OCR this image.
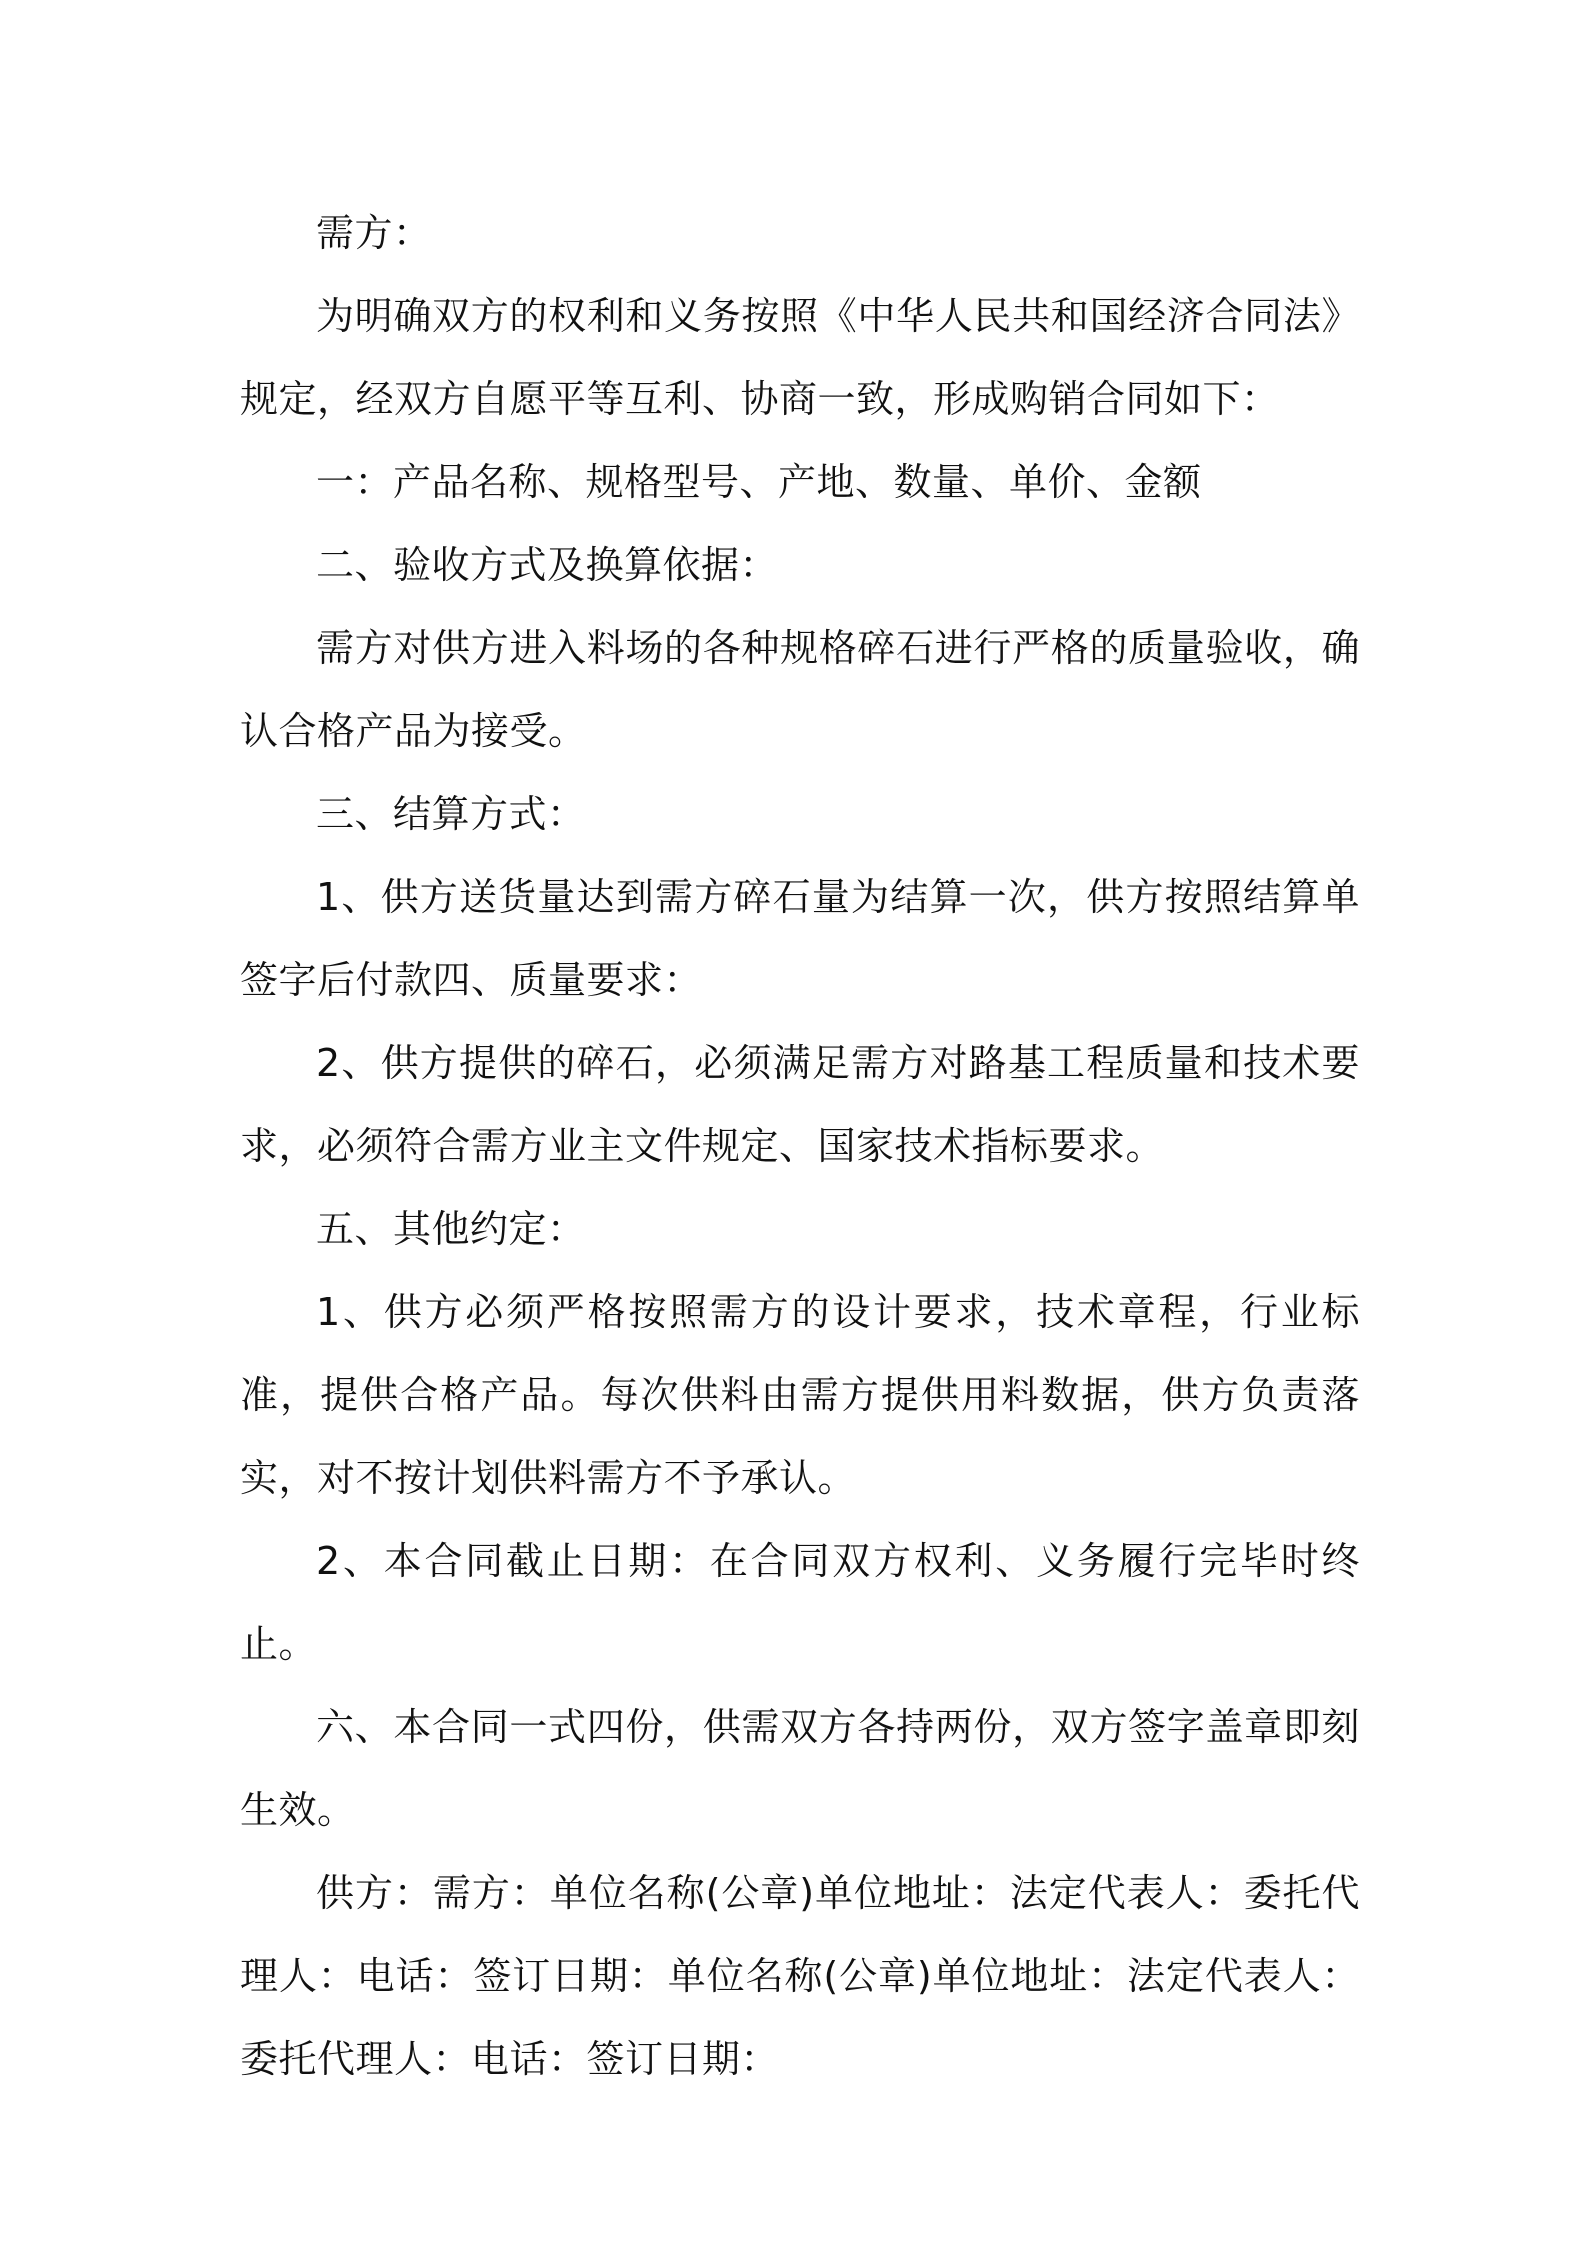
需方：

为明确双方的权利和义务按照《中华人民共和国经济合同法》规定，经双方自愿平等互利、协商一致，形成购销合同如下：

一：产品名称、规格型号、产地、数量、单价、金额

二、验收方式及换算依据：

需方对供方进入料场的各种规格碎石进行严格的质量验收，确认合格产品为接受。

三、结算方式：

1、供方送货量达到需方碎石量为结算一次，供方按照结算单签字后付款四、质量要求：

2、供方提供的碎石，必须满足需方对路基工程质量和技术要求，必须符合需方业主文件规定、国家技术指标要求。

五、其他约定：

1、供方必须严格按照需方的设计要求，技术章程，行业标准，提供合格产品。每次供料由需方提供用料数据，供方负责落实，对不按计划供料需方不予承认。

2、本合同截止日期：在合同双方权利、义务履行完毕时终止。

六、本合同一式四份，供需双方各持两份，双方签字盖章即刻生效。

供方：需方：单位名称(公章)单位地址：法定代表人：委托代理人：电话：签订日期：单位名称(公章)单位地址：法定代表人：委托代理人：电话：签订日期：
